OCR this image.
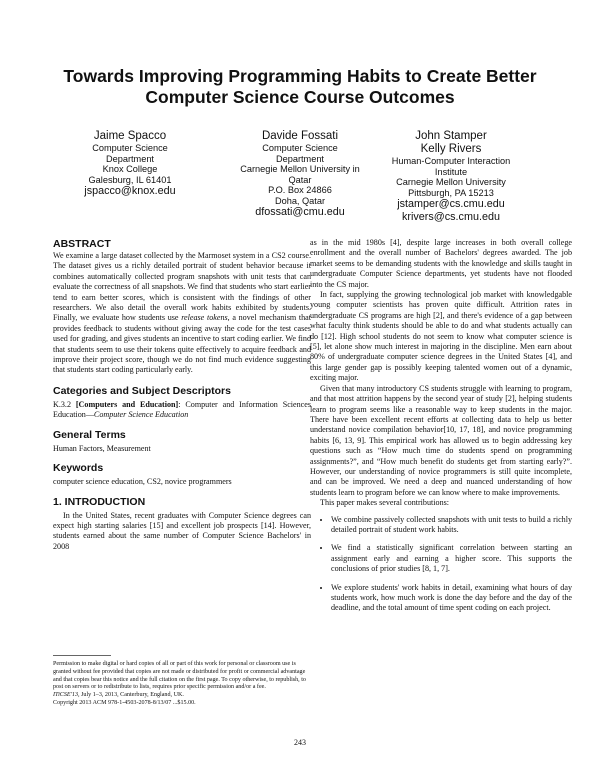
Towards Improving Programming Habits to Create Better
Computer Science Course Outcomes
Jaime Spacco
Computer Science
Department
Knox College
Galesburg, IL 61401
jspacco@knox.edu
Davide Fossati
Computer Science
Department
Carnegie Mellon University in
Qatar
P.O. Box 24866
Doha, Qatar
dfossati@cmu.edu
John Stamper
Kelly Rivers
Human-Computer Interaction
Institute
Carnegie Mellon University
Pittsburgh, PA 15213
jstamper@cs.cmu.edu
krivers@cs.cmu.edu
ABSTRACT

We examine a large dataset collected by the Marmoset system in a CS2 course. The dataset gives us a richly detailed portrait of student behavior because it combines automatically collected program snapshots with unit tests that can evaluate the correctness of all snapshots. We find that students who start earlier tend to earn better scores, which is consistent with the findings of other researchers. We also detail the overall work habits exhibited by students. Finally, we evaluate how students use release tokens, a novel mechanism that provides feedback to students without giving away the code for the test cases used for grading, and gives students an incentive to start coding earlier. We find that students seem to use their tokens quite effectively to acquire feedback and improve their project score, though we do not find much evidence suggesting that students start coding particularly early.

Categories and Subject Descriptors

K.3.2 [Computers and Education]: Computer and Information Sciences Education—Computer Science Education

General Terms

Human Factors, Measurement

Keywords

computer science education, CS2, novice programmers

1. INTRODUCTION

In the United States, recent graduates with Computer Science degrees can expect high starting salaries [15] and excellent job prospects [14]. However, students earned about the same number of Computer Science Bachelors' in 2008

Permission to make digital or hard copies of all or part of this work for personal or classroom use is granted without fee provided that copies are not made or distributed for profit or commercial advantage and that copies bear this notice and the full citation on the first page. To copy otherwise, to republish, to post on servers or to redistribute to lists, requires prior specific permission and/or a fee.
ITiCSE'13, July 1–3, 2013, Canterbury, England, UK.
Copyright 2013 ACM 978-1-4503-2078-8/13/07 ...$15.00.

as in the mid 1980s [4], despite large increases in both overall college enrollment and the overall number of Bachelors' degrees awarded. The job market seems to be demanding students with the knowledge and skills taught in undergraduate Computer Science departments, yet students have not flooded into the CS major.

In fact, supplying the growing technological job market with knowledgable young computer scientists has proven quite difficult. Attrition rates in undergraduate CS programs are high [2], and there's evidence of a gap between what faculty think students should be able to do and what students actually can do [12]. High school students do not seem to know what computer science is [5], let alone show much interest in majoring in the discipline. Men earn about 80% of undergraduate computer science degrees in the United States [4], and this large gender gap is possibly keeping talented women out of a dynamic, exciting major.

Given that many introductory CS students struggle with learning to program, and that most attrition happens by the second year of study [2], helping students learn to program seems like a reasonable way to keep students in the major. There have been excellent recent efforts at collecting data to help us better understand novice compilation behavior[10, 17, 18], and novice programming habits [6, 13, 9]. This empirical work has allowed us to begin addressing key questions such as “How much time do students spend on programming assignments?”, and “How much benefit do students get from starting early?”. However, our understanding of novice programmers is still quite incomplete, and can be improved. We need a deep and nuanced understanding of how students learn to program before we can know where to make improvements.

This paper makes several contributions:

• We combine passively collected snapshots with unit tests to build a richly detailed portrait of student work habits.
• We find a statistically significant correlation between starting an assignment early and earning a higher score. This supports the conclusions of prior studies [8, 1, 7].
• We explore students' work habits in detail, examining what hours of day students work, how much work is done the day before and the day of the deadline, and the total amount of time spent coding on each project.
243
